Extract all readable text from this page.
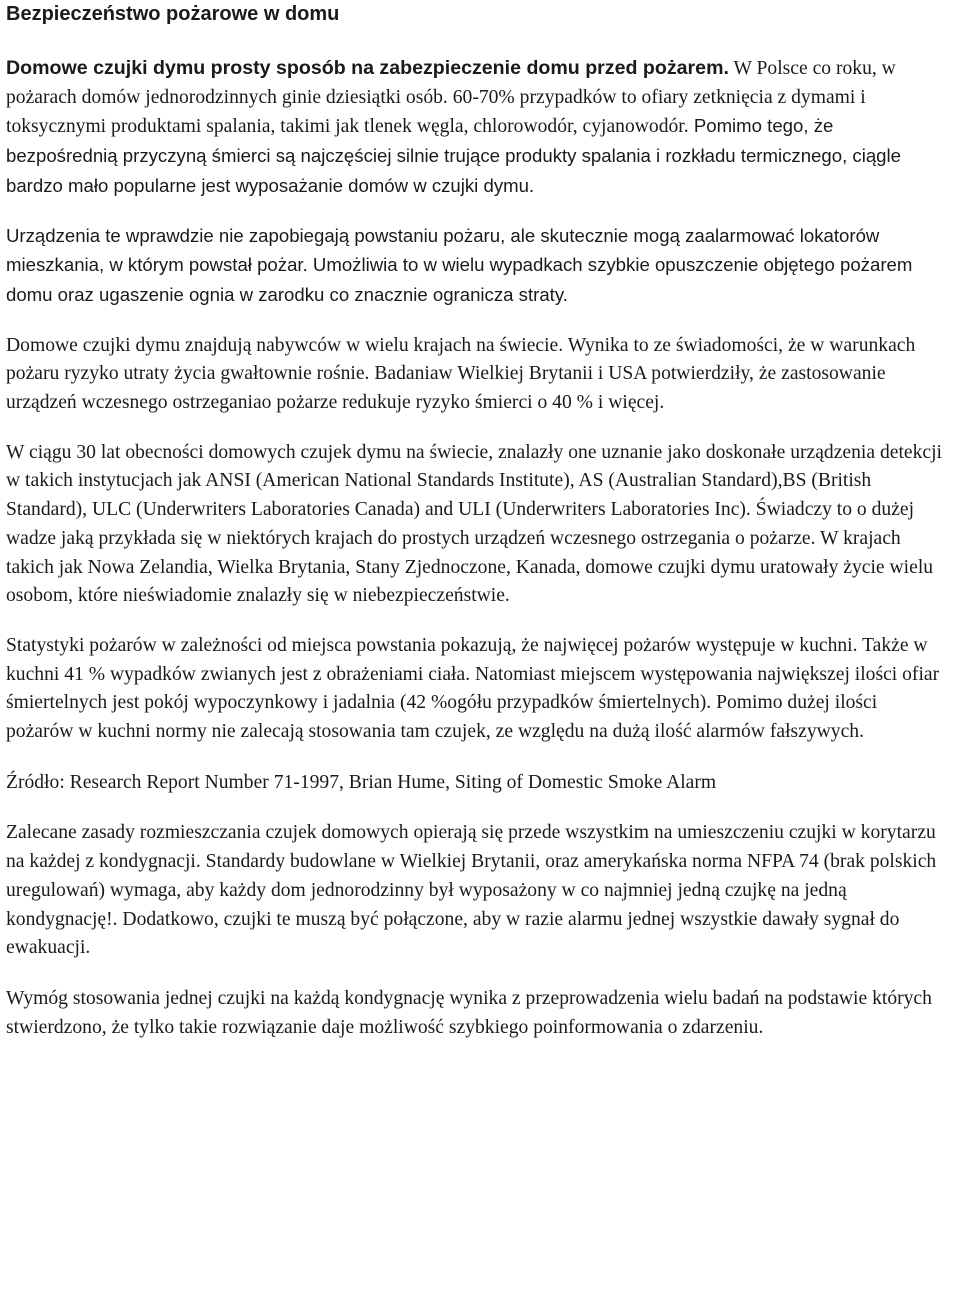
Bezpieczeństwo pożarowe w domu

Domowe czujki dymu prosty sposób na zabezpieczenie domu przed pożarem. W Polsce co roku, w pożarach domów jednorodzinnych ginie dziesiątki osób. 60-70% przypadków to ofiary zetknięcia z dymami i toksycznymi produktami spalania, takimi jak tlenek węgla, chlorowodór, cyjanowodór. Pomimo tego, że bezpośrednią przyczyną śmierci są najczęściej silnie trujące produkty spalania i rozkładu termicznego, ciągle bardzo mało popularne jest wyposażanie domów w czujki dymu.

Urządzenia te wprawdzie nie zapobiegają powstaniu pożaru, ale skutecznie mogą zaalarmować lokatorów mieszkania, w którym powstał pożar. Umożliwia to w wielu wypadkach szybkie opuszczenie objętego pożarem domu oraz ugaszenie ognia w zarodku co znacznie ogranicza straty.

Domowe czujki dymu znajdują nabywców w wielu krajach na świecie. Wynika to ze świadomości, że w warunkach pożaru ryzyko utraty życia gwałtownie rośnie. Badaniaw Wielkiej Brytanii i USA potwierdziły, że zastosowanie urządzeń wczesnego ostrzeganiao pożarze redukuje ryzyko śmierci o 40 % i więcej.

W ciągu 30 lat obecności domowych czujek dymu na świecie, znalazły one uznanie jako doskonałe urządzenia detekcji w takich instytucjach jak ANSI (American National Standards Institute), AS (Australian Standard),BS (British Standard), ULC (Underwriters Laboratories Canada) and ULI (Underwriters Laboratories Inc). Świadczy to o dużej wadze jaką przykłada się w niektórych krajach do prostych urządzeń wczesnego ostrzegania o pożarze. W krajach takich jak Nowa Zelandia, Wielka Brytania, Stany Zjednoczone, Kanada, domowe czujki dymu uratowały życie wielu osobom, które nieświadomie znalazły się w niebezpieczeństwie.

Statystyki pożarów w zależności od miejsca powstania pokazują, że najwięcej pożarów występuje w kuchni. Także w kuchni 41 % wypadków zwianych jest z obrażeniami ciała. Natomiast miejscem występowania największej ilości ofiar śmiertelnych jest pokój wypoczynkowy i jadalnia (42 %ogółu przypadków śmiertelnych). Pomimo dużej ilości pożarów w kuchni normy nie zalecają stosowania tam czujek, ze względu na dużą ilość alarmów fałszywych.

Źródło: Research Report Number 71-1997, Brian Hume, Siting of Domestic Smoke Alarm

Zalecane zasady rozmieszczania czujek domowych opierają się przede wszystkim na umieszczeniu czujki w korytarzu na każdej z kondygnacji. Standardy budowlane w Wielkiej Brytanii, oraz amerykańska norma NFPA 74 (brak polskich uregulowań) wymaga, aby każdy dom jednorodzinny był wyposażony w co najmniej jedną czujkę na jedną kondygnację!. Dodatkowo, czujki te muszą być połączone, aby w razie alarmu jednej wszystkie dawały sygnał do ewakuacji.

Wymóg stosowania jednej czujki na każdą kondygnację wynika z przeprowadzenia wielu badań na podstawie których stwierdzono, że tylko takie rozwiązanie daje możliwość szybkiego poinformowania o zdarzeniu.
